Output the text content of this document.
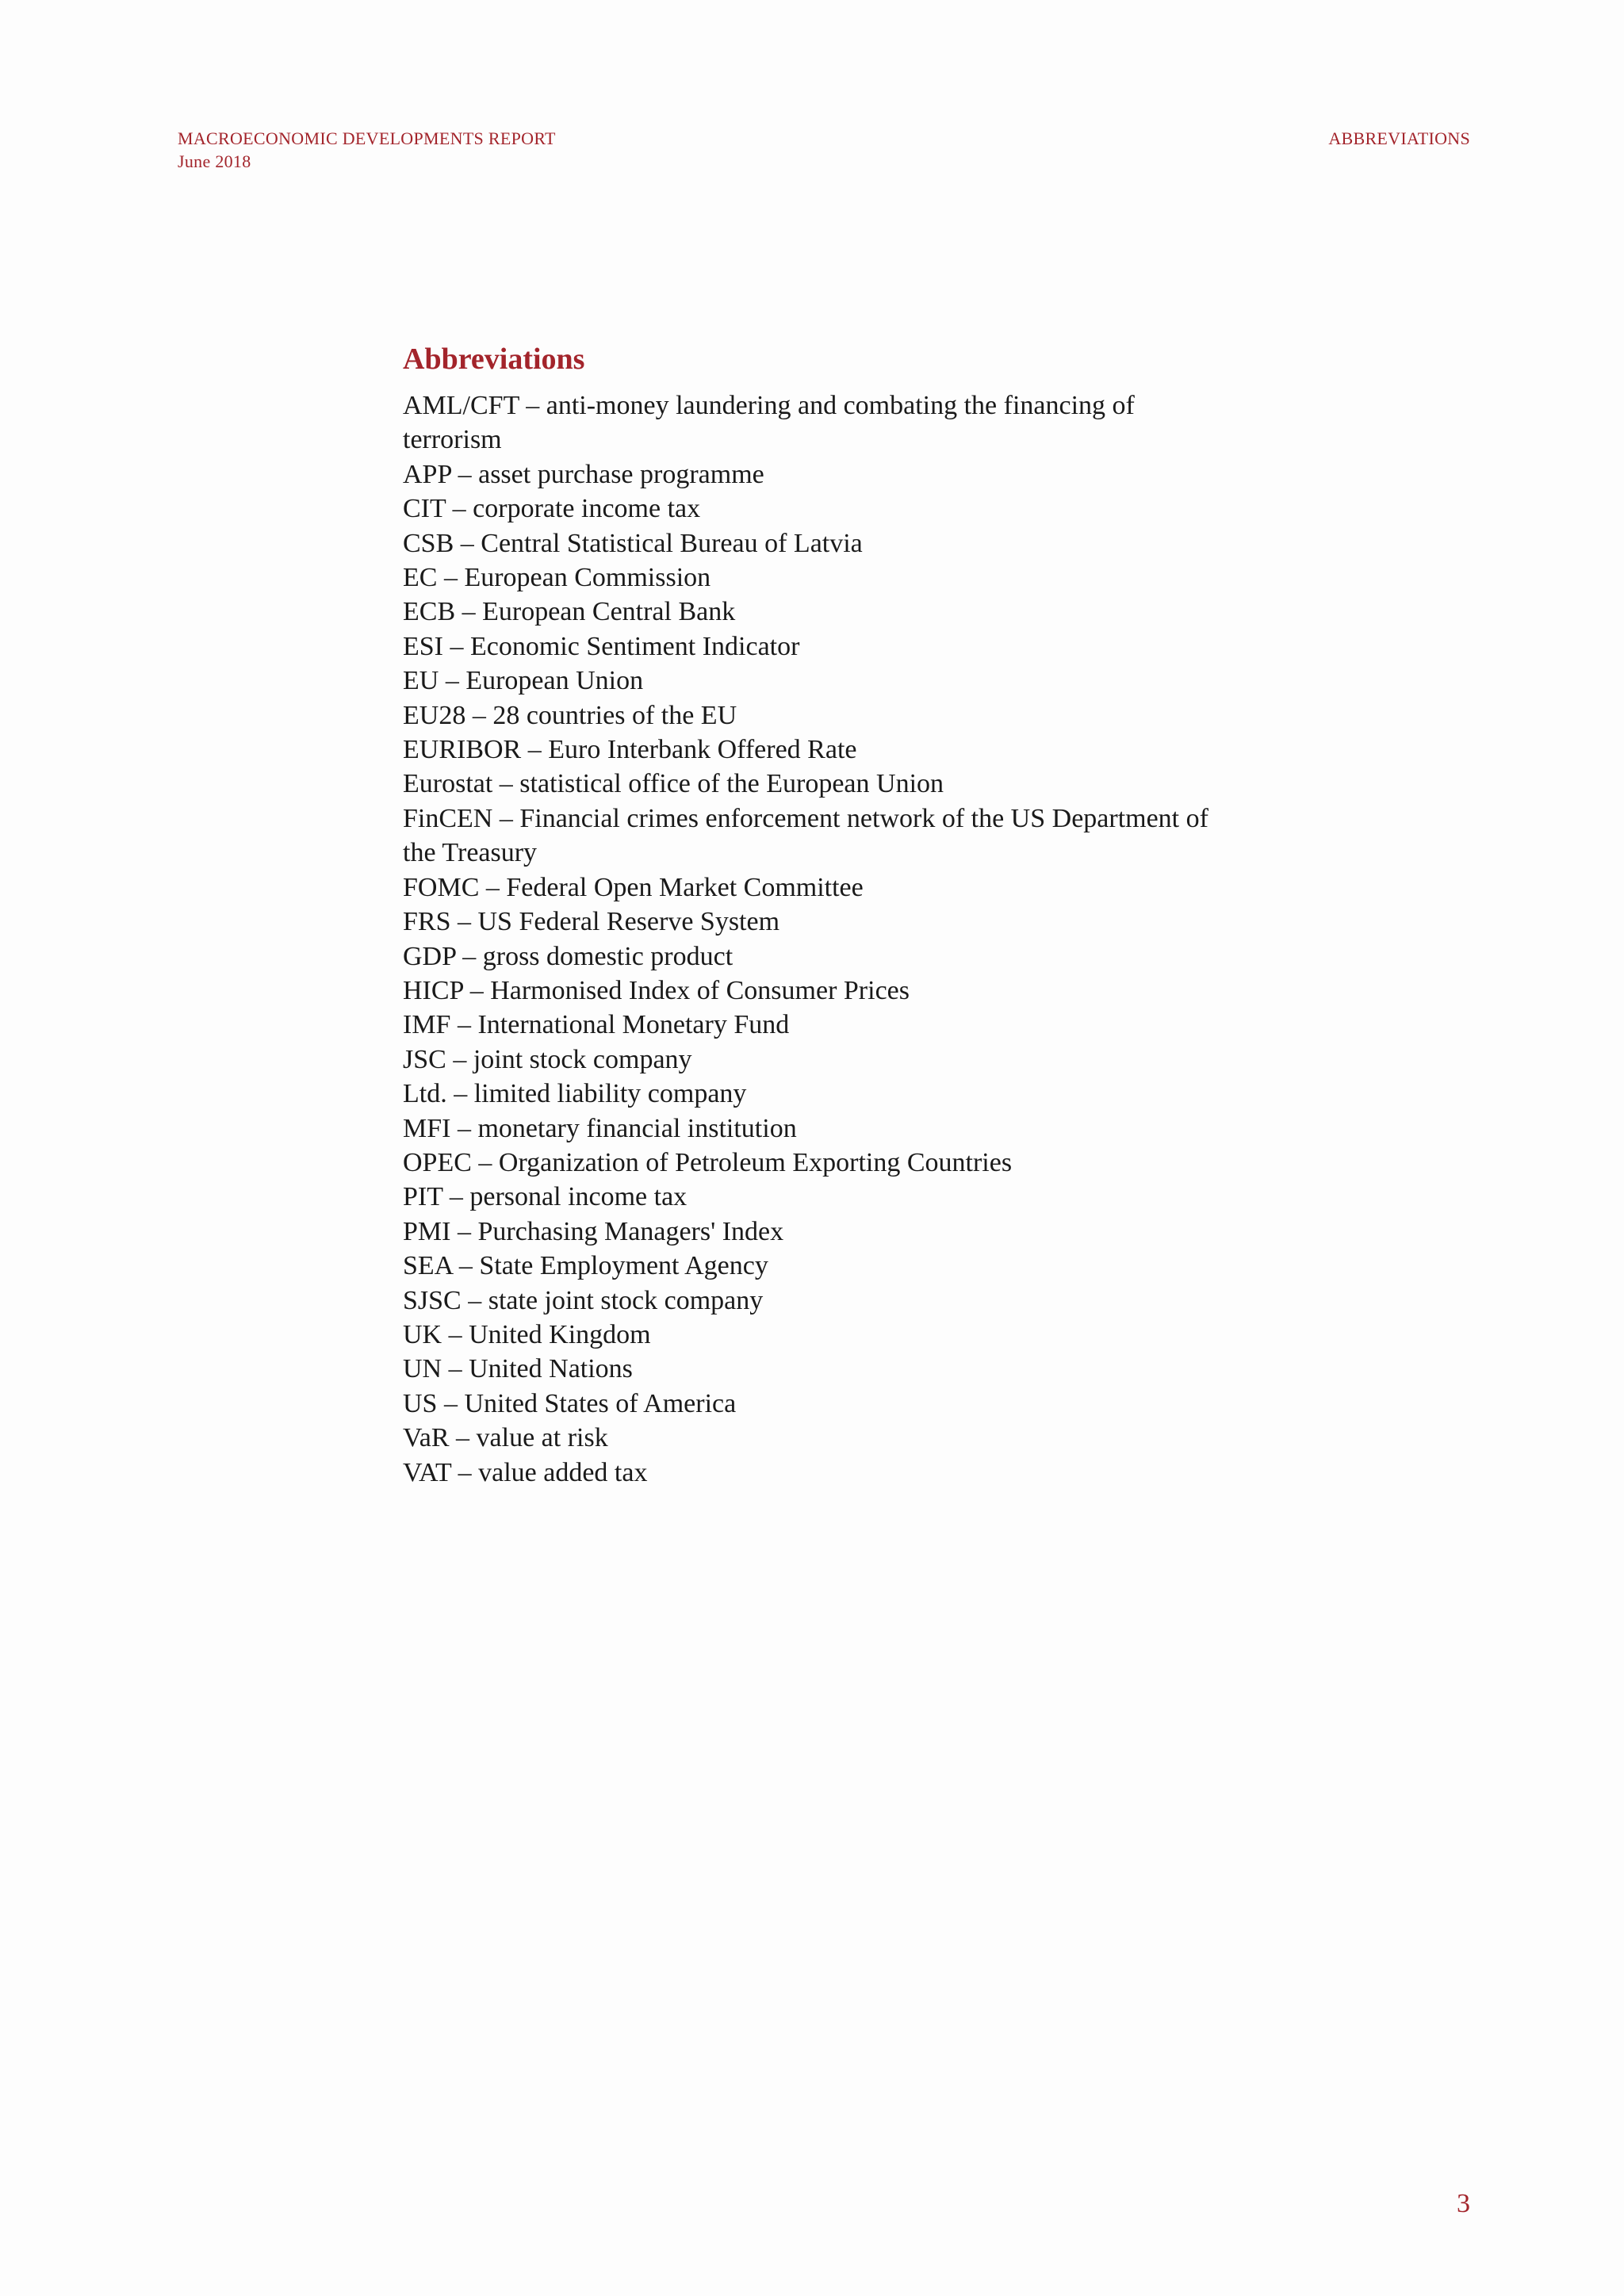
MACROECONOMIC DEVELOPMENTS REPORT
June 2018
ABBREVIATIONS
Abbreviations
AML/CFT – anti-money laundering and combating the financing of terrorism
APP – asset purchase programme
CIT – corporate income tax
CSB – Central Statistical Bureau of Latvia
EC – European Commission
ECB – European Central Bank
ESI – Economic Sentiment Indicator
EU – European Union
EU28 – 28 countries of the EU
EURIBOR – Euro Interbank Offered Rate
Eurostat – statistical office of the European Union
FinCEN – Financial crimes enforcement network of the US Department of the Treasury
FOMC – Federal Open Market Committee
FRS – US Federal Reserve System
GDP – gross domestic product
HICP – Harmonised Index of Consumer Prices
IMF – International Monetary Fund
JSC – joint stock company
Ltd. – limited liability company
MFI – monetary financial institution
OPEC – Organization of Petroleum Exporting Countries
PIT – personal income tax
PMI – Purchasing Managers' Index
SEA – State Employment Agency
SJSC – state joint stock company
UK – United Kingdom
UN – United Nations
US – United States of America
VaR – value at risk
VAT – value added tax
3
